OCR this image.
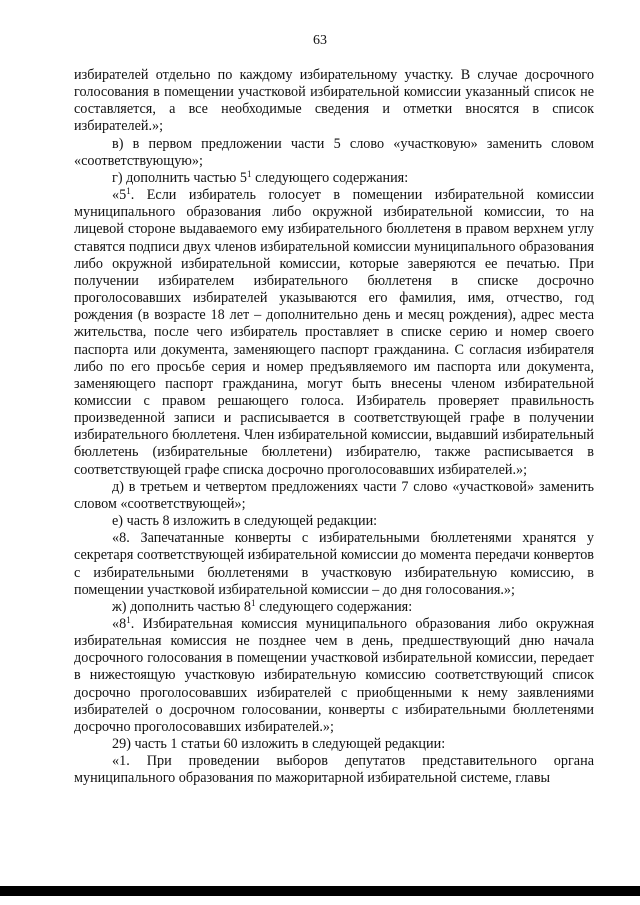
63

избирателей отдельно по каждому избирательному участку. В случае досрочного голосования в помещении участковой избирательной комиссии указанный список не составляется, а все необходимые сведения и отметки вносятся в список избирателей.»;

в) в первом предложении части 5 слово «участковую» заменить словом «соответствующую»;

г) дополнить частью $5^1$ следующего содержания:

«$5^1$. Если избиратель голосует в помещении избирательной комиссии муниципального образования либо окружной избирательной комиссии, то на лицевой стороне выдаваемого ему избирательного бюллетеня в правом верхнем углу ставятся подписи двух членов избирательной комиссии муниципального образования либо окружной избирательной комиссии, которые заверяются ее печатью. При получении избирателем избирательного бюллетеня в списке досрочно проголосовавших избирателей указываются его фамилия, имя, отчество, год рождения (в возрасте 18 лет – дополнительно день и месяц рождения), адрес места жительства, после чего избиратель проставляет в списке серию и номер своего паспорта или документа, заменяющего паспорт гражданина. С согласия избирателя либо по его просьбе серия и номер предъявляемого им паспорта или документа, заменяющего паспорт гражданина, могут быть внесены членом избирательной комиссии с правом решающего голоса. Избиратель проверяет правильность произведенной записи и расписывается в соответствующей графе в получении избирательного бюллетеня. Член избирательной комиссии, выдавший избирательный бюллетень (избирательные бюллетени) избирателю, также расписывается в соответствующей графе списка досрочно проголосовавших избирателей.»;

д) в третьем и четвертом предложениях части 7 слово «участковой» заменить словом «соответствующей»;

е) часть 8 изложить в следующей редакции:

«8. Запечатанные конверты с избирательными бюллетенями хранятся у секретаря соответствующей избирательной комиссии до момента передачи конвертов с избирательными бюллетенями в участковую избирательную комиссию, в помещении участковой избирательной комиссии – до дня голосования.»;

ж) дополнить частью $8^1$ следующего содержания:

«$8^1$. Избирательная комиссия муниципального образования либо окружная избирательная комиссия не позднее чем в день, предшествующий дню начала досрочного голосования в помещении участковой избирательной комиссии, передает в нижестоящую участковую избирательную комиссию соответствующий список досрочно проголосовавших избирателей с приобщенными к нему заявлениями избирателей о досрочном голосовании, конверты с избирательными бюллетенями досрочно проголосовавших избирателей.»;

29) часть 1 статьи 60 изложить в следующей редакции:

«1. При проведении выборов депутатов представительного органа муниципального образования по мажоритарной избирательной системе, главы
